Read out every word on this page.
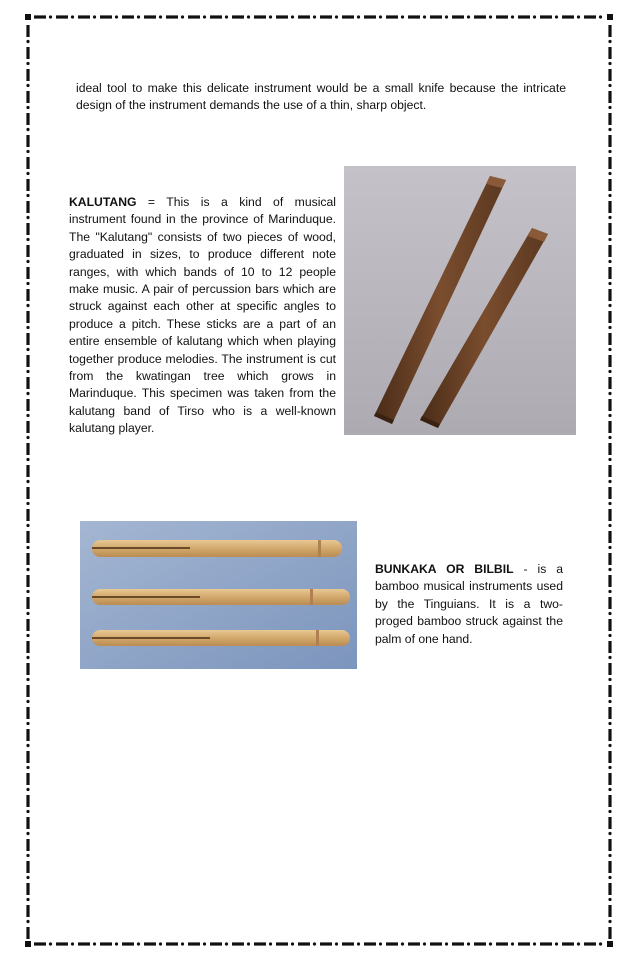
ideal tool to make this delicate instrument would be a small knife because the intricate design of the instrument demands the use of a thin, sharp object.

KALUTANG = This is a kind of musical instrument found in the province of Marinduque. The "Kalutang" consists of two pieces of wood, graduated in sizes, to produce different note ranges, with which bands of 10 to 12 people make music. A pair of percussion bars which are struck against each other at specific angles to produce a pitch. These sticks are a part of an entire ensemble of kalutang which when playing together produce melodies. The instrument is cut from the kwatingan tree which grows in Marinduque. This specimen was taken from the kalutang band of Tirso who is a well-known kalutang player.

BUNKAKA OR BILBIL - is a bamboo musical instruments used by the Tinguians. It is a two-proged bamboo struck against the palm of one hand.
